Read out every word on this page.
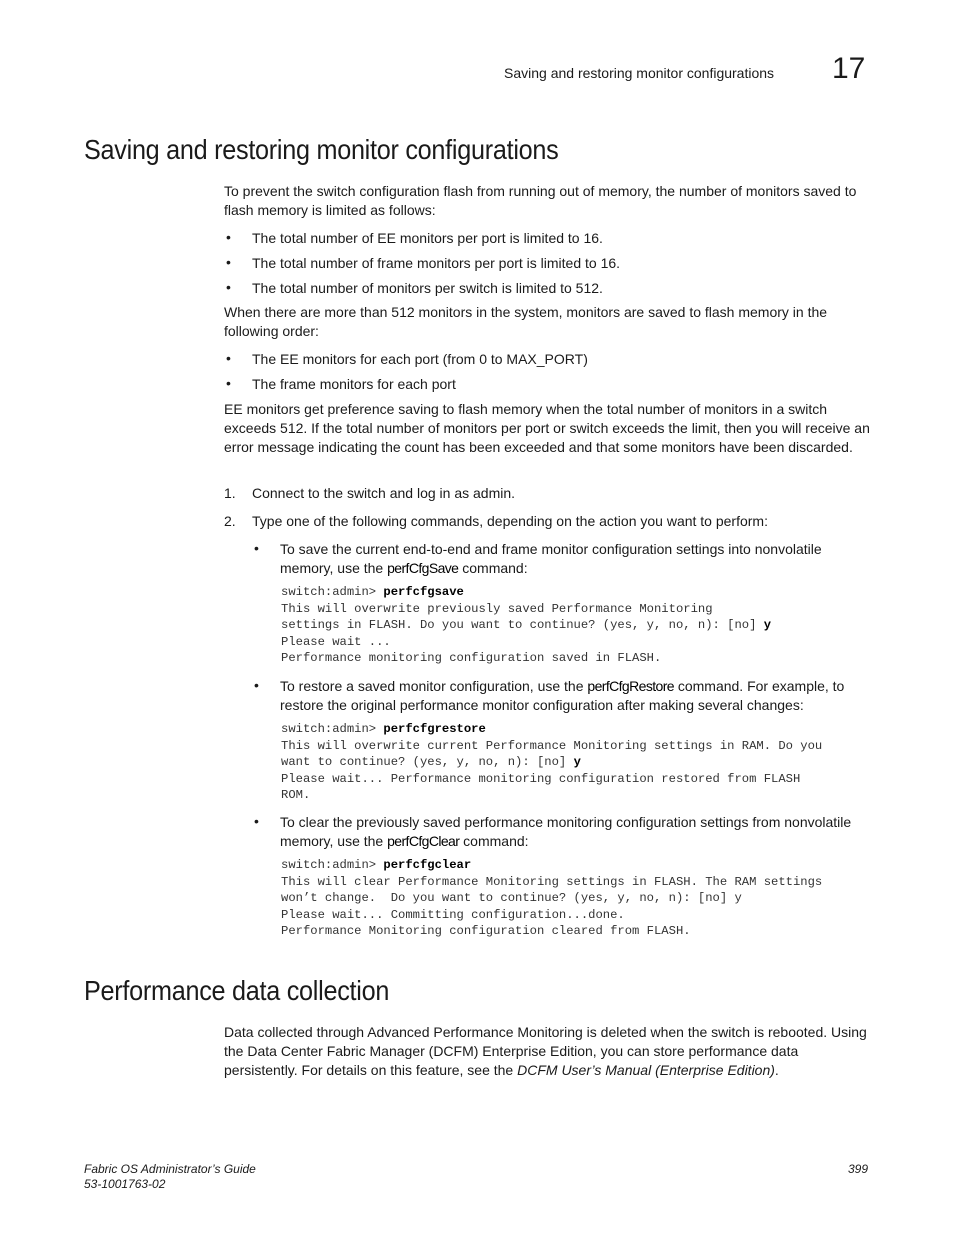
Saving and restoring monitor configurations 17
Saving and restoring monitor configurations

To prevent the switch configuration flash from running out of memory, the number of monitors saved to flash memory is limited as follows:

• The total number of EE monitors per port is limited to 16.
• The total number of frame monitors per port is limited to 16.
• The total number of monitors per switch is limited to 512.

When there are more than 512 monitors in the system, monitors are saved to flash memory in the following order:

• The EE monitors for each port (from 0 to MAX_PORT)
• The frame monitors for each port

EE monitors get preference saving to flash memory when the total number of monitors in a switch exceeds 512. If the total number of monitors per port or switch exceeds the limit, then you will receive an error message indicating the count has been exceeded and that some monitors have been discarded.

1. Connect to the switch and log in as admin.
2. Type one of the following commands, depending on the action you want to perform:
• To save the current end-to-end and frame monitor configuration settings into nonvolatile memory, use the perfCfgSave command:
switch:admin> perfcfgsave
This will overwrite previously saved Performance Monitoring
settings in FLASH. Do you want to continue? (yes, y, no, n): [no] y
Please wait ...
Performance monitoring configuration saved in FLASH.
• To restore a saved monitor configuration, use the perfCfgRestore command. For example, to restore the original performance monitor configuration after making several changes:
switch:admin> perfcfgrestore
This will overwrite current Performance Monitoring settings in RAM. Do you
want to continue? (yes, y, no, n): [no] y
Please wait... Performance monitoring configuration restored from FLASH
ROM.
• To clear the previously saved performance monitoring configuration settings from nonvolatile memory, use the perfCfgClear command:
switch:admin> perfcfgclear
This will clear Performance Monitoring settings in FLASH. The RAM settings
won’t change.  Do you want to continue? (yes, y, no, n): [no] y
Please wait... Committing configuration...done.
Performance Monitoring configuration cleared from FLASH.
Performance data collection

Data collected through Advanced Performance Monitoring is deleted when the switch is rebooted. Using the Data Center Fabric Manager (DCFM) Enterprise Edition, you can store performance data persistently. For details on this feature, see the DCFM User’s Manual (Enterprise Edition).

Fabric OS Administrator’s Guide
53-1001763-02
399
